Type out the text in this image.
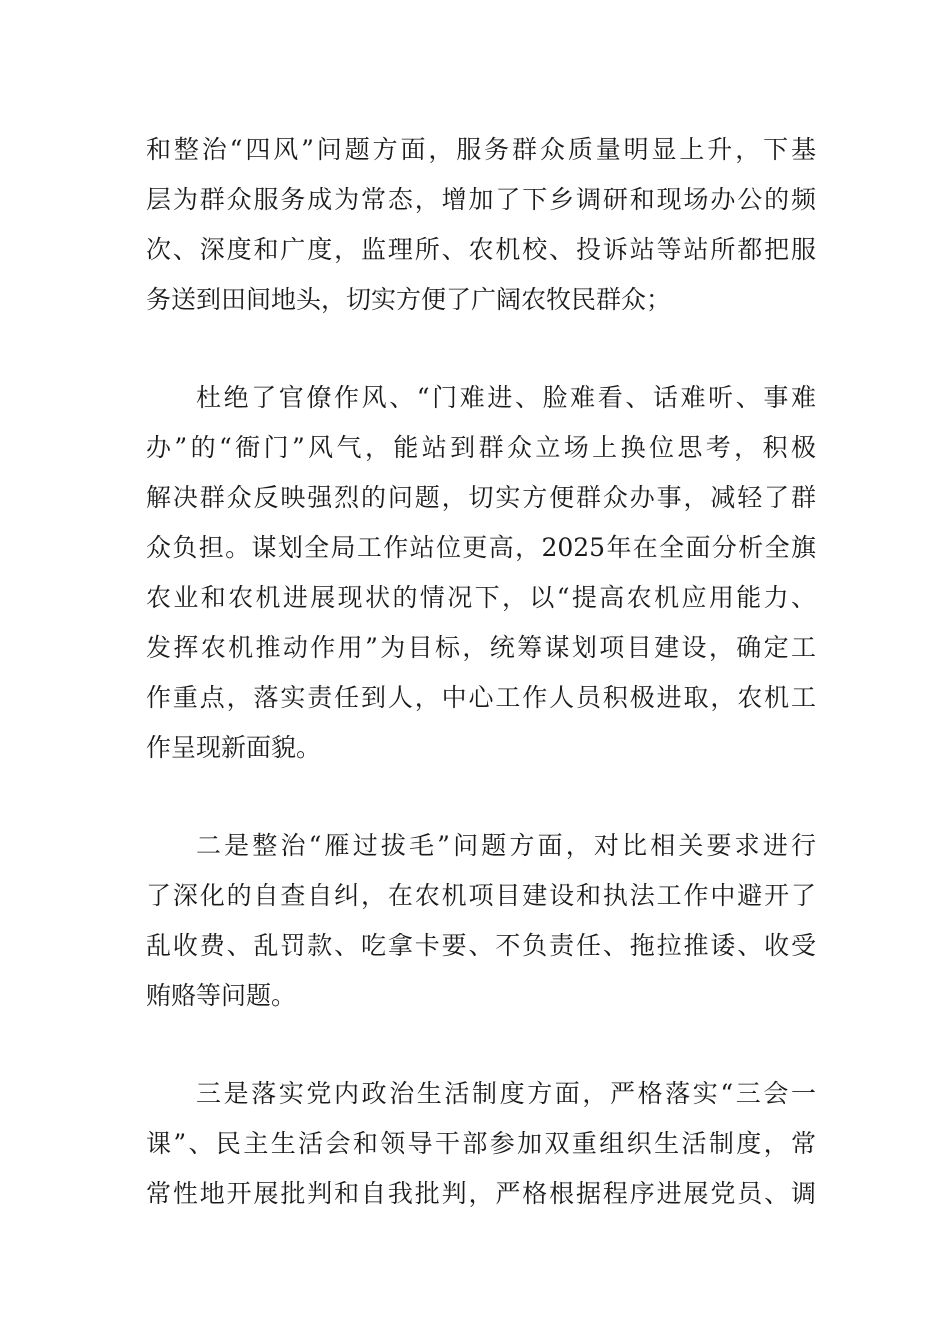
和整治“四风”问题方面，服务群众质量明显上升，下基
层为群众服务成为常态，增加了下乡调研和现场办公的频
次、深度和广度，监理所、农机校、投诉站等站所都把服
务送到田间地头，切实方便了广阔农牧民群众；
杜绝了官僚作风、“门难进、脸难看、话难听、事难
办”的“衙门”风气，能站到群众立场上换位思考，积极
解决群众反映强烈的问题，切实方便群众办事，减轻了群
众负担。谋划全局工作站位更高，2025年在全面分析全旗
农业和农机进展现状的情况下，以“提高农机应用能力、
发挥农机推动作用”为目标，统筹谋划项目建设，确定工
作重点，落实责任到人，中心工作人员积极进取，农机工
作呈现新面貌。
二是整治“雁过拔毛”问题方面，对比相关要求进行
了深化的自查自纠，在农机项目建设和执法工作中避开了
乱收费、乱罚款、吃拿卡要、不负责任、拖拉推诿、收受
贿赂等问题。
三是落实党内政治生活制度方面，严格落实“三会一
课”、民主生活会和领导干部参加双重组织生活制度，常
常性地开展批判和自我批判，严格根据程序进展党员、调
